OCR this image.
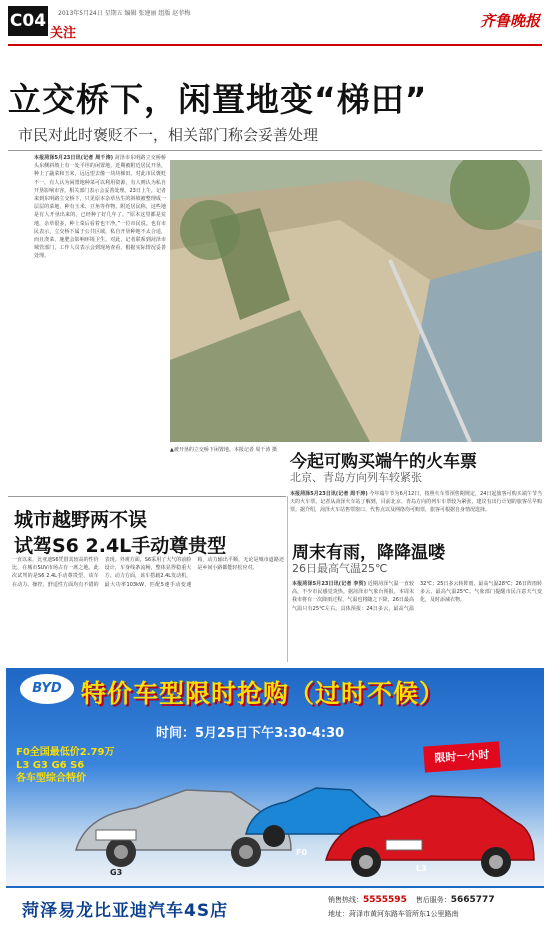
C04	2013年5月24日 星期五 编辑 张建丽 组版 赵菲梅
关注
齐鲁晚报
立交桥下，闲置地变“梯田”
市民对此时褒贬不一，相关部门称会妥善处理
本报菏泽5月23日讯(记者 周千涛) 菏泽市东明路立交桥桥头东侧斜坡上有一处平坦的闲置地，近期被附近居民开垦，种上了蔬菜和玉米，远远望去像一块块梯田。对此市民褒贬不一，有人认为闲置地种菜可以利用资源，有人则认为私自开垦影响市容。相关部门表示会妥善处理。23日上午，记者来到东明路立交桥下，只见原本杂草丛生的斜坡被整理成一层层的菜地，种有玉米、豆角等作物。附近居民称，这些地是有人开垦出来的，已经种了好几年了。“原本这里都是荒地，杂草很多，种上菜后看着也干净。”一位市民说。也有市民表示，立交桥下属于公共区域，私自开垦种地不太合适，而且浇菜、施肥会影响环境卫生。对此，记者联系到菏泽市城管部门，工作人员表示会到现场查看，根据实际情况妥善处理。
▲被开垦的立交桥下闲置地。本报记者 周千涛 摄
今起可购买端午的火车票
北京、青岛方向列车较紧张
本报菏泽5月23日讯(记者 周千涛) 今年端午节为6月12日，按照火车票预售期规定，24日起旅客可购买端午节当天的火车票。记者从菏泽火车站了解到，目前北京、青岛方向的列车车票较为紧张，建议有出行计划的旅客尽早购票。据介绍，菏泽火车站售票窗口、代售点以及网络均可购票，旅客可根据自身情况选择。
城市越野两不误
试驾S6 2.4L手动尊贵型
一直以来，比亚迪S6凭借其较高的性价比，在城市SUV市场占有一席之地。此次试驾的是S6 2.4L手动尊贵型，该车在动力、操控、舒适性方面均有不错的表现。外观方面，S6采用了大气的前脸设计，车身线条流畅，整体显得稳重大方。动力方面，该车搭载2.4L发动机，最大功率103kW，匹配5速手动变速箱，动力输出平顺，无论是城市道路还是乡间小路都能轻松应对。
周末有雨，降降温喽
26日最高气温25℃
本报菏泽5月23日讯(记者 李贺) 近期菏泽气温一直较高，不少市民感觉炎热。据菏泽市气象台预报，本周末我市将有一次降雨过程，气温也将随之下降，26日最高气温只有25℃左右。具体预报：24日多云，最高气温32℃；25日多云转阵雨，最高气温28℃；26日阵雨转多云，最高气温25℃。气象部门提醒市民注意天气变化，及时添减衣物。
BYD 特价车型限时抢购（过时不候）
时间：5月25日下午3:30-4:30
F0全国最低价2.79万
L3 G3 G6 S6
各车型综合特价
限时一小时
G3
F0
L3
菏泽易龙比亚迪汽车4S店
销售热线：5555595 售后服务：5665777
地址：菏泽市黄河东路车管所东1公里路南
